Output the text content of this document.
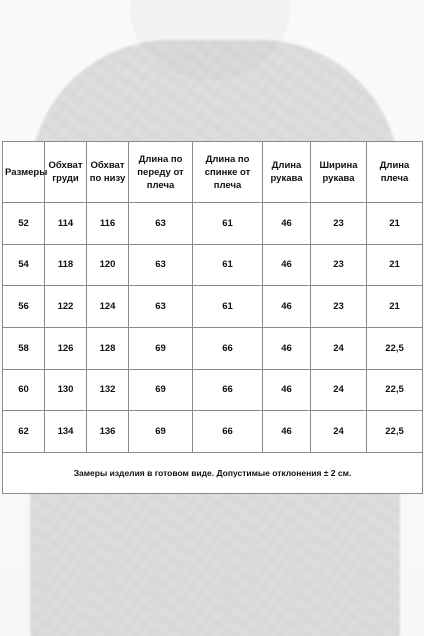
Размеры	Обхват груди	Обхват по низу	Длина по переду от плеча	Длина по спинке от плеча	Длина рукава	Ширина рукава	Длина плеча
52	114	116	63	61	46	23	21
54	118	120	63	61	46	23	21
56	122	124	63	61	46	23	21
58	126	128	69	66	46	24	22,5
60	130	132	69	66	46	24	22,5
62	134	136	69	66	46	24	22,5
Замеры изделия в готовом виде. Допустимые отклонения ± 2 см.							
